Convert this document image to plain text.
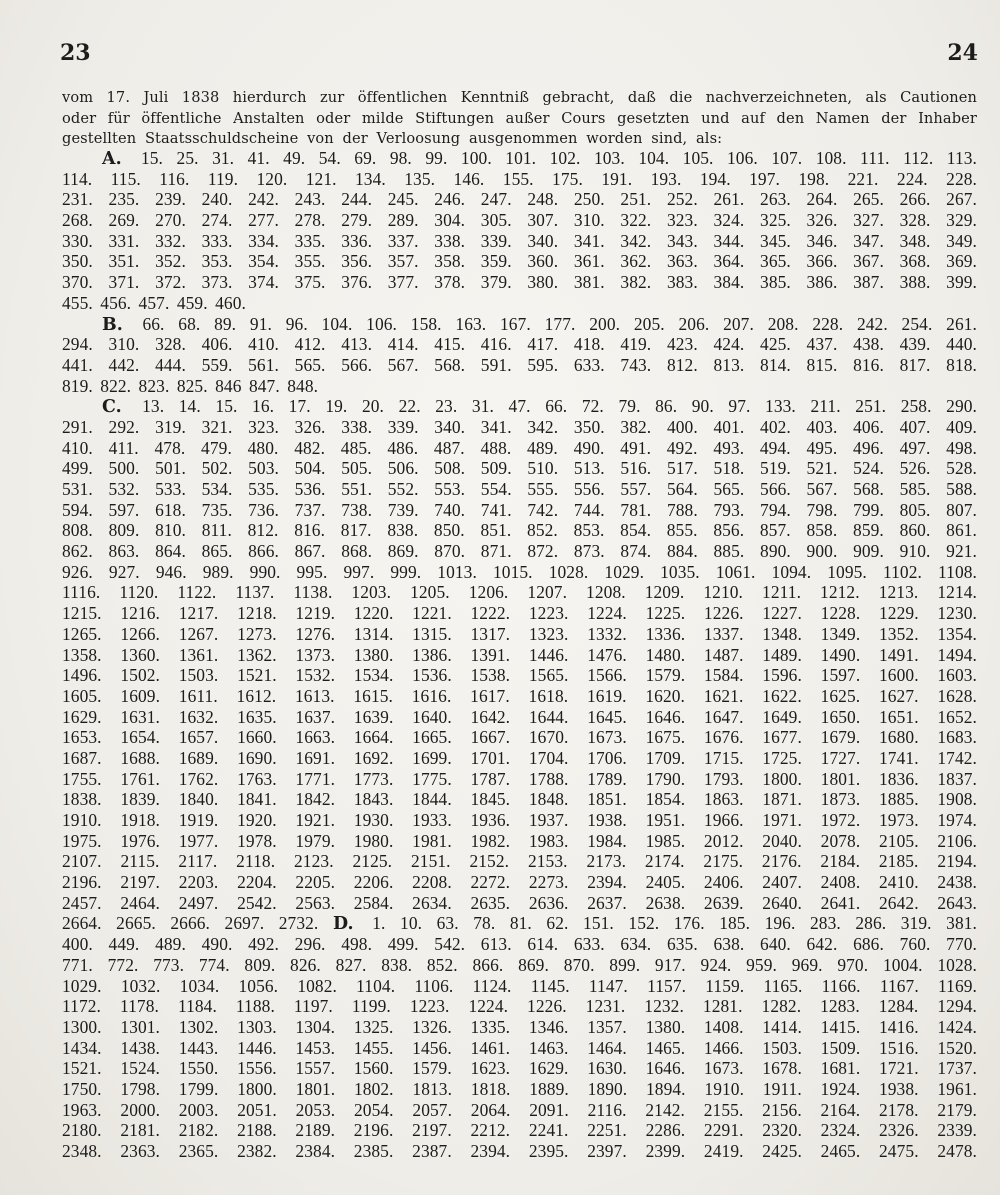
23	24
vom 17. Juli 1838 hierdurch zur öffentlichen Kenntniß gebracht, daß die nachverzeichneten, als Cautionen
oder für öffentliche Anstalten oder milde Stiftungen außer Cours gesetzten und auf den Namen der Inhaber
gestellten Staatsschuldscheine von der Verloosung ausgenommen worden sind, als:
A. 15. 25. 31. 41. 49. 54. 69. 98. 99. 100. 101. 102. 103. 104. 105. 106. 107. 108. 111. 112. 113.
114. 115. 116. 119. 120. 121. 134. 135. 146. 155. 175. 191. 193. 194. 197. 198. 221. 224. 228.
231. 235. 239. 240. 242. 243. 244. 245. 246. 247. 248. 250. 251. 252. 261. 263. 264. 265. 266. 267.
268. 269. 270. 274. 277. 278. 279. 289. 304. 305. 307. 310. 322. 323. 324. 325. 326. 327. 328. 329.
330. 331. 332. 333. 334. 335. 336. 337. 338. 339. 340. 341. 342. 343. 344. 345. 346. 347. 348. 349.
350. 351. 352. 353. 354. 355. 356. 357. 358. 359. 360. 361. 362. 363. 364. 365. 366. 367. 368. 369.
370. 371. 372. 373. 374. 375. 376. 377. 378. 379. 380. 381. 382. 383. 384. 385. 386. 387. 388. 399.
455. 456. 457. 459. 460.
B. 66. 68. 89. 91. 96. 104. 106. 158. 163. 167. 177. 200. 205. 206. 207. 208. 228. 242. 254. 261.
294. 310. 328. 406. 410. 412. 413. 414. 415. 416. 417. 418. 419. 423. 424. 425. 437. 438. 439. 440.
441. 442. 444. 559. 561. 565. 566. 567. 568. 591. 595. 633. 743. 812. 813. 814. 815. 816. 817. 818.
819. 822. 823. 825. 846 847. 848.
C. 13. 14. 15. 16. 17. 19. 20. 22. 23. 31. 47. 66. 72. 79. 86. 90. 97. 133. 211. 251. 258. 290.
291. 292. 319. 321. 323. 326. 338. 339. 340. 341. 342. 350. 382. 400. 401. 402. 403. 406. 407. 409.
410. 411. 478. 479. 480. 482. 485. 486. 487. 488. 489. 490. 491. 492. 493. 494. 495. 496. 497. 498.
499. 500. 501. 502. 503. 504. 505. 506. 508. 509. 510. 513. 516. 517. 518. 519. 521. 524. 526. 528.
531. 532. 533. 534. 535. 536. 551. 552. 553. 554. 555. 556. 557. 564. 565. 566. 567. 568. 585. 588.
594. 597. 618. 735. 736. 737. 738. 739. 740. 741. 742. 744. 781. 788. 793. 794. 798. 799. 805. 807.
808. 809. 810. 811. 812. 816. 817. 838. 850. 851. 852. 853. 854. 855. 856. 857. 858. 859. 860. 861.
862. 863. 864. 865. 866. 867. 868. 869. 870. 871. 872. 873. 874. 884. 885. 890. 900. 909. 910. 921.
926. 927. 946. 989. 990. 995. 997. 999. 1013. 1015. 1028. 1029. 1035. 1061. 1094. 1095. 1102. 1108.
1116. 1120. 1122. 1137. 1138. 1203. 1205. 1206. 1207. 1208. 1209. 1210. 1211. 1212. 1213. 1214.
1215. 1216. 1217. 1218. 1219. 1220. 1221. 1222. 1223. 1224. 1225. 1226. 1227. 1228. 1229. 1230.
1265. 1266. 1267. 1273. 1276. 1314. 1315. 1317. 1323. 1332. 1336. 1337. 1348. 1349. 1352. 1354.
1358. 1360. 1361. 1362. 1373. 1380. 1386. 1391. 1446. 1476. 1480. 1487. 1489. 1490. 1491. 1494.
1496. 1502. 1503. 1521. 1532. 1534. 1536. 1538. 1565. 1566. 1579. 1584. 1596. 1597. 1600. 1603.
1605. 1609. 1611. 1612. 1613. 1615. 1616. 1617. 1618. 1619. 1620. 1621. 1622. 1625. 1627. 1628.
1629. 1631. 1632. 1635. 1637. 1639. 1640. 1642. 1644. 1645. 1646. 1647. 1649. 1650. 1651. 1652.
1653. 1654. 1657. 1660. 1663. 1664. 1665. 1667. 1670. 1673. 1675. 1676. 1677. 1679. 1680. 1683.
1687. 1688. 1689. 1690. 1691. 1692. 1699. 1701. 1704. 1706. 1709. 1715. 1725. 1727. 1741. 1742.
1755. 1761. 1762. 1763. 1771. 1773. 1775. 1787. 1788. 1789. 1790. 1793. 1800. 1801. 1836. 1837.
1838. 1839. 1840. 1841. 1842. 1843. 1844. 1845. 1848. 1851. 1854. 1863. 1871. 1873. 1885. 1908.
1910. 1918. 1919. 1920. 1921. 1930. 1933. 1936. 1937. 1938. 1951. 1966. 1971. 1972. 1973. 1974.
1975. 1976. 1977. 1978. 1979. 1980. 1981. 1982. 1983. 1984. 1985. 2012. 2040. 2078. 2105. 2106.
2107. 2115. 2117. 2118. 2123. 2125. 2151. 2152. 2153. 2173. 2174. 2175. 2176. 2184. 2185. 2194.
2196. 2197. 2203. 2204. 2205. 2206. 2208. 2272. 2273. 2394. 2405. 2406. 2407. 2408. 2410. 2438.
2457. 2464. 2497. 2542. 2563. 2584. 2634. 2635. 2636. 2637. 2638. 2639. 2640. 2641. 2642. 2643.
2664. 2665. 2666. 2697. 2732. D. 1. 10. 63. 78. 81. 62. 151. 152. 176. 185. 196. 283. 286. 319. 381.
400. 449. 489. 490. 492. 296. 498. 499. 542. 613. 614. 633. 634. 635. 638. 640. 642. 686. 760. 770.
771. 772. 773. 774. 809. 826. 827. 838. 852. 866. 869. 870. 899. 917. 924. 959. 969. 970. 1004. 1028.
1029. 1032. 1034. 1056. 1082. 1104. 1106. 1124. 1145. 1147. 1157. 1159. 1165. 1166. 1167. 1169.
1172. 1178. 1184. 1188. 1197. 1199. 1223. 1224. 1226. 1231. 1232. 1281. 1282. 1283. 1284. 1294.
1300. 1301. 1302. 1303. 1304. 1325. 1326. 1335. 1346. 1357. 1380. 1408. 1414. 1415. 1416. 1424.
1434. 1438. 1443. 1446. 1453. 1455. 1456. 1461. 1463. 1464. 1465. 1466. 1503. 1509. 1516. 1520.
1521. 1524. 1550. 1556. 1557. 1560. 1579. 1623. 1629. 1630. 1646. 1673. 1678. 1681. 1721. 1737.
1750. 1798. 1799. 1800. 1801. 1802. 1813. 1818. 1889. 1890. 1894. 1910. 1911. 1924. 1938. 1961.
1963. 2000. 2003. 2051. 2053. 2054. 2057. 2064. 2091. 2116. 2142. 2155. 2156. 2164. 2178. 2179.
2180. 2181. 2182. 2188. 2189. 2196. 2197. 2212. 2241. 2251. 2286. 2291. 2320. 2324. 2326. 2339.
2348. 2363. 2365. 2382. 2384. 2385. 2387. 2394. 2395. 2397. 2399. 2419. 2425. 2465. 2475. 2478.
